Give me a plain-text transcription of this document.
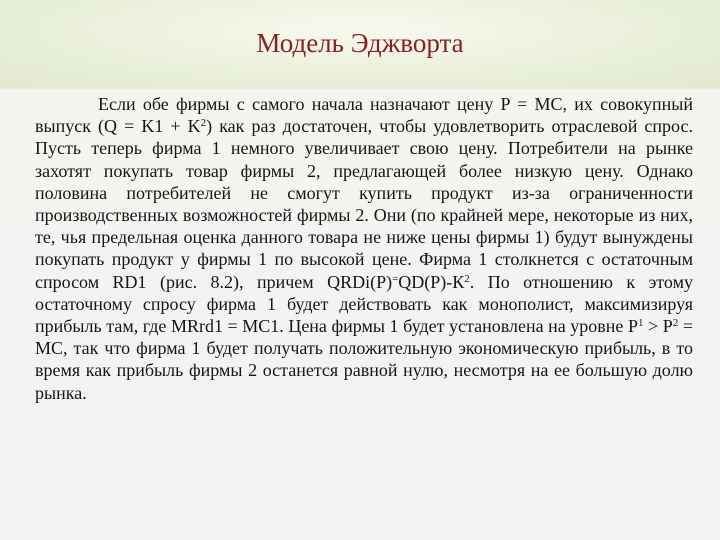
Модель Эджворта
Если обе фирмы с самого начала назначают цену P = MC, их совокупный выпуск $(Q = K1 + K^2)$ как раз достаточен, чтобы удовлетворить отраслевой спрос. Пусть теперь фирма 1 немного увеличивает свою цену. Потребители на рынке захотят покупать товар фирмы 2, предлагающей более низкую цену. Однако половина потребителей не смогут купить продукт из-за ограниченности производственных возможностей фирмы 2. Они (по крайней мере, некоторые из них, те, чья предельная оценка данного товара не ниже цены фирмы 1) будут вынуждены покупать продукт у фирмы 1 по высокой цене. Фирма 1 столкнется с остаточным спросом RD1 (рис. 8.2), причем $QRDi(P)^=QD(P)-К^2$. По отношению к этому остаточному спросу фирма 1 будет действовать как монополист, максимизируя прибыль там, где MRrd1 = MC1. Цена фирмы 1 будет установлена на уровне $P^1 > P^2$ = MC, так что фирма 1 будет получать положительную экономическую прибыль, в то время как прибыль фирмы 2 останется равной нулю, несмотря на ее большую долю рынка.
